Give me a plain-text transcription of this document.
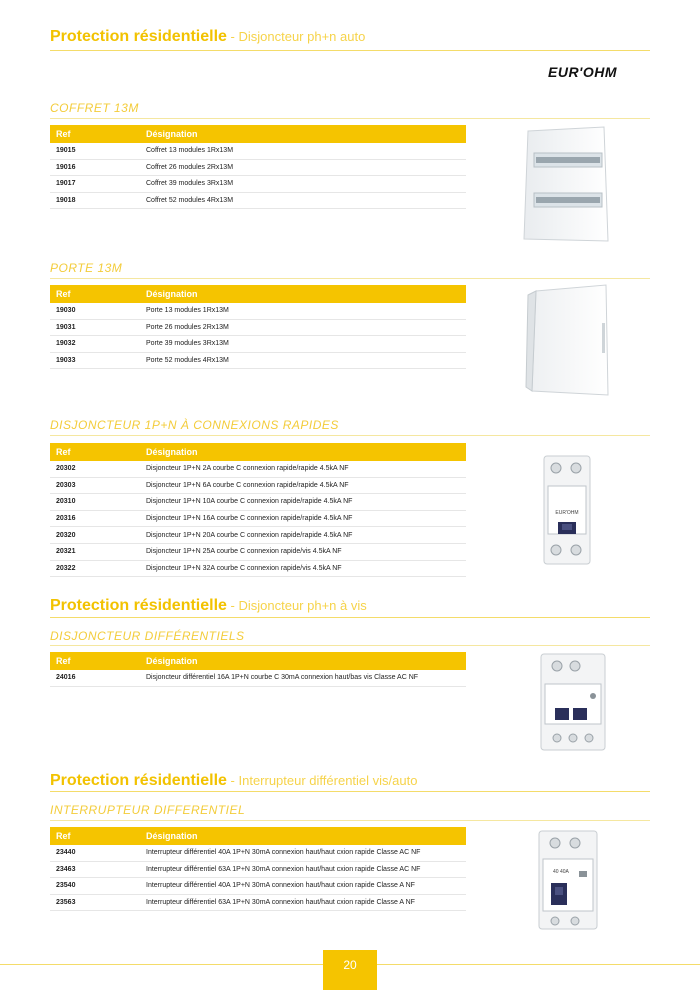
Protection résidentielle - Disjoncteur ph+n auto
EUR'OHM
COFFRET 13M
Ref	Désignation
19015	Coffret 13 modules 1Rx13M
19016	Coffret 26 modules 2Rx13M
19017	Coffret 39 modules 3Rx13M
19018	Coffret 52 modules 4Rx13M
PORTE 13M
Ref	Désignation
19030	Porte 13 modules 1Rx13M
19031	Porte 26 modules 2Rx13M
19032	Porte 39 modules 3Rx13M
19033	Porte 52 modules 4Rx13M
DISJONCTEUR 1P+N À CONNEXIONS RAPIDES
Ref	Désignation
20302	Disjoncteur 1P+N 2A courbe C connexion rapide/rapide 4.5kA NF
20303	Disjoncteur 1P+N 6A courbe C connexion rapide/rapide 4.5kA NF
20310	Disjoncteur 1P+N 10A courbe C connexion rapide/rapide 4.5kA NF
20316	Disjoncteur 1P+N 16A courbe C connexion rapide/rapide 4.5kA NF
20320	Disjoncteur 1P+N 20A courbe C connexion rapide/rapide 4.5kA NF
20321	Disjoncteur 1P+N 25A courbe C connexion rapide/vis 4.5kA NF
20322	Disjoncteur 1P+N 32A courbe C connexion rapide/vis 4.5kA NF
EUR'OHM
Protection résidentielle - Disjoncteur ph+n à vis
DISJONCTEUR DIFFÉRENTIELS
Ref	Désignation
24016	Disjoncteur différentiel 16A 1P+N courbe C 30mA connexion haut/bas vis Classe AC NF
Protection résidentielle - Interrupteur différentiel vis/auto
INTERRUPTEUR DIFFERENTIEL
Ref	Désignation
23440	Interrupteur différentiel 40A 1P+N 30mA connexion haut/haut cxion rapide Classe AC NF
23463	Interrupteur différentiel 63A 1P+N 30mA connexion haut/haut cxion rapide Classe AC NF
23540	Interrupteur différentiel 40A 1P+N 30mA connexion haut/haut cxion rapide Classe A NF
23563	Interrupteur différentiel 63A 1P+N 30mA connexion haut/haut cxion rapide Classe A NF
40 40A
20
